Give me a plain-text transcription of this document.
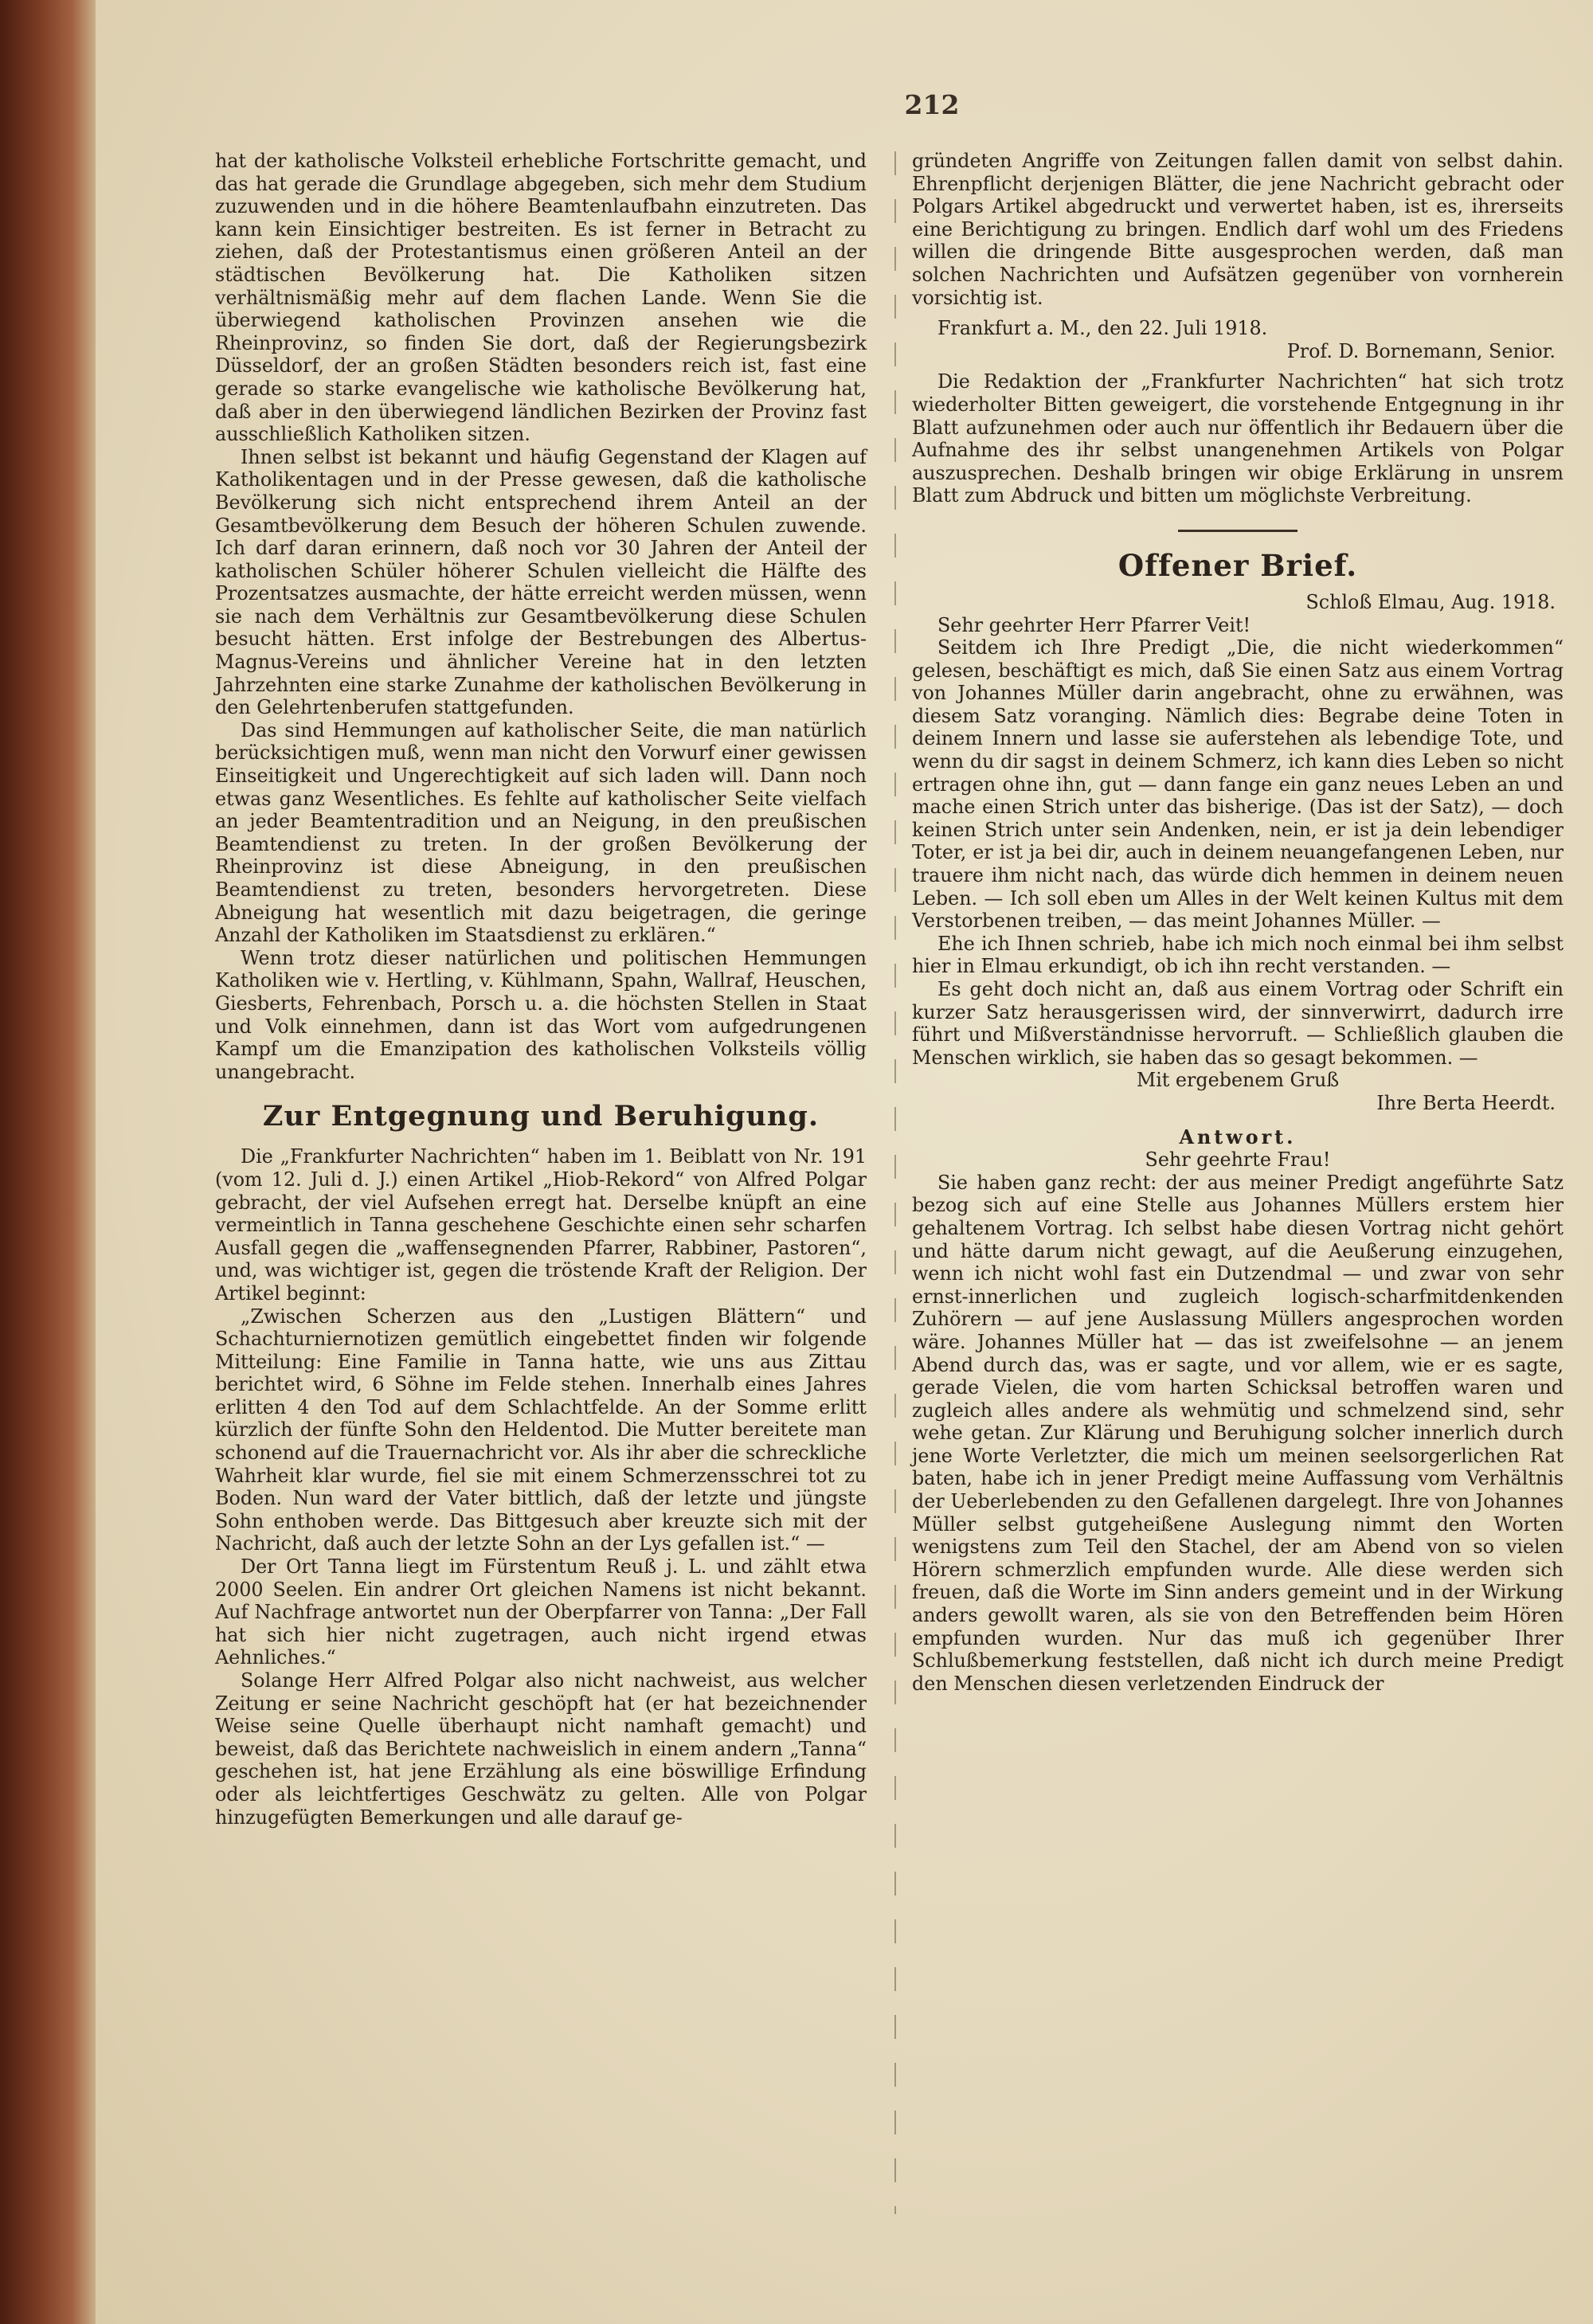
212

hat der katholische Volksteil erhebliche Fortschritte gemacht, und das hat gerade die Grundlage abgegeben, sich mehr dem Studium zuzuwenden und in die höhere Beamtenlaufbahn einzutreten. Das kann kein Einsichtiger bestreiten. Es ist ferner in Betracht zu ziehen, daß der Protestantismus einen größeren Anteil an der städtischen Bevölkerung hat. Die Katholiken sitzen verhältnismäßig mehr auf dem flachen Lande. Wenn Sie die überwiegend katholischen Provinzen ansehen wie die Rheinprovinz, so finden Sie dort, daß der Regierungsbezirk Düsseldorf, der an großen Städten besonders reich ist, fast eine gerade so starke evangelische wie katholische Bevölkerung hat, daß aber in den überwiegend ländlichen Bezirken der Provinz fast ausschließlich Katholiken sitzen.

Ihnen selbst ist bekannt und häufig Gegenstand der Klagen auf Katholikentagen und in der Presse gewesen, daß die katholische Bevölkerung sich nicht entsprechend ihrem Anteil an der Gesamtbevölkerung dem Besuch der höheren Schulen zuwende. Ich darf daran erinnern, daß noch vor 30 Jahren der Anteil der katholischen Schüler höherer Schulen vielleicht die Hälfte des Prozentsatzes ausmachte, der hätte erreicht werden müssen, wenn sie nach dem Verhältnis zur Gesamtbevölkerung diese Schulen besucht hätten. Erst infolge der Bestrebungen des Albertus-Magnus-Vereins und ähnlicher Vereine hat in den letzten Jahrzehnten eine starke Zunahme der katholischen Bevölkerung in den Gelehrtenberufen stattgefunden.

Das sind Hemmungen auf katholischer Seite, die man natürlich berücksichtigen muß, wenn man nicht den Vorwurf einer gewissen Einseitigkeit und Ungerechtigkeit auf sich laden will. Dann noch etwas ganz Wesentliches. Es fehlte auf katholischer Seite vielfach an jeder Beamtentradition und an Neigung, in den preußischen Beamtendienst zu treten. In der großen Bevölkerung der Rheinprovinz ist diese Abneigung, in den preußischen Beamtendienst zu treten, besonders hervorgetreten. Diese Abneigung hat wesentlich mit dazu beigetragen, die geringe Anzahl der Katholiken im Staatsdienst zu erklären.“

Wenn trotz dieser natürlichen und politischen Hemmungen Katholiken wie v. Hertling, v. Kühlmann, Spahn, Wallraf, Heuschen, Giesberts, Fehrenbach, Porsch u. a. die höchsten Stellen in Staat und Volk einnehmen, dann ist das Wort vom aufgedrungenen Kampf um die Emanzipation des katholischen Volksteils völlig unangebracht.

Zur Entgegnung und Beruhigung.

Die „Frankfurter Nachrichten“ haben im 1. Beiblatt von Nr. 191 (vom 12. Juli d. J.) einen Artikel „Hiob-Rekord“ von Alfred Polgar gebracht, der viel Aufsehen erregt hat. Derselbe knüpft an eine vermeintlich in Tanna geschehene Geschichte einen sehr scharfen Ausfall gegen die „waffensegnenden Pfarrer, Rabbiner, Pastoren“, und, was wichtiger ist, gegen die tröstende Kraft der Religion. Der Artikel beginnt:

„Zwischen Scherzen aus den „Lustigen Blättern“ und Schachturniernotizen gemütlich eingebettet finden wir folgende Mitteilung: Eine Familie in Tanna hatte, wie uns aus Zittau berichtet wird, 6 Söhne im Felde stehen. Innerhalb eines Jahres erlitten 4 den Tod auf dem Schlachtfelde. An der Somme erlitt kürzlich der fünfte Sohn den Heldentod. Die Mutter bereitete man schonend auf die Trauernachricht vor. Als ihr aber die schreckliche Wahrheit klar wurde, fiel sie mit einem Schmerzensschrei tot zu Boden. Nun ward der Vater bittlich, daß der letzte und jüngste Sohn enthoben werde. Das Bittgesuch aber kreuzte sich mit der Nachricht, daß auch der letzte Sohn an der Lys gefallen ist.“ —

Der Ort Tanna liegt im Fürstentum Reuß j. L. und zählt etwa 2000 Seelen. Ein andrer Ort gleichen Namens ist nicht bekannt. Auf Nachfrage antwortet nun der Oberpfarrer von Tanna: „Der Fall hat sich hier nicht zugetragen, auch nicht irgend etwas Aehnliches.“

Solange Herr Alfred Polgar also nicht nachweist, aus welcher Zeitung er seine Nachricht geschöpft hat (er hat bezeichnender Weise seine Quelle überhaupt nicht namhaft gemacht) und beweist, daß das Berichtete nachweislich in einem andern „Tanna“ geschehen ist, hat jene Erzählung als eine böswillige Erfindung oder als leichtfertiges Geschwätz zu gelten. Alle von Polgar hinzugefügten Bemerkungen und alle darauf ge-

gründeten Angriffe von Zeitungen fallen damit von selbst dahin. Ehrenpflicht derjenigen Blätter, die jene Nachricht gebracht oder Polgars Artikel abgedruckt und verwertet haben, ist es, ihrerseits eine Berichtigung zu bringen. Endlich darf wohl um des Friedens willen die dringende Bitte ausgesprochen werden, daß man solchen Nachrichten und Aufsätzen gegenüber von vornherein vorsichtig ist.

Frankfurt a. M., den 22. Juli 1918.

Prof. D. Bornemann, Senior.

Die Redaktion der „Frankfurter Nachrichten“ hat sich trotz wiederholter Bitten geweigert, die vorstehende Entgegnung in ihr Blatt aufzunehmen oder auch nur öffentlich ihr Bedauern über die Aufnahme des ihr selbst unangenehmen Artikels von Polgar auszusprechen. Deshalb bringen wir obige Erklärung in unsrem Blatt zum Abdruck und bitten um möglichste Verbreitung.

Offener Brief.

Schloß Elmau, Aug. 1918.

Sehr geehrter Herr Pfarrer Veit!

Seitdem ich Ihre Predigt „Die, die nicht wiederkommen“ gelesen, beschäftigt es mich, daß Sie einen Satz aus einem Vortrag von Johannes Müller darin angebracht, ohne zu erwähnen, was diesem Satz voranging. Nämlich dies: Begrabe deine Toten in deinem Innern und lasse sie auferstehen als lebendige Tote, und wenn du dir sagst in deinem Schmerz, ich kann dies Leben so nicht ertragen ohne ihn, gut — dann fange ein ganz neues Leben an und mache einen Strich unter das bisherige. (Das ist der Satz), — doch keinen Strich unter sein Andenken, nein, er ist ja dein lebendiger Toter, er ist ja bei dir, auch in deinem neuangefangenen Leben, nur trauere ihm nicht nach, das würde dich hemmen in deinem neuen Leben. — Ich soll eben um Alles in der Welt keinen Kultus mit dem Verstorbenen treiben, — das meint Johannes Müller. —

Ehe ich Ihnen schrieb, habe ich mich noch einmal bei ihm selbst hier in Elmau erkundigt, ob ich ihn recht verstanden. —

Es geht doch nicht an, daß aus einem Vortrag oder Schrift ein kurzer Satz herausgerissen wird, der sinnverwirrt, dadurch irre führt und Mißverständnisse hervorruft. — Schließlich glauben die Menschen wirklich, sie haben das so gesagt bekommen. —

Mit ergebenem Gruß

Ihre Berta Heerdt.

Antwort.

Sehr geehrte Frau!

Sie haben ganz recht: der aus meiner Predigt angeführte Satz bezog sich auf eine Stelle aus Johannes Müllers erstem hier gehaltenem Vortrag. Ich selbst habe diesen Vortrag nicht gehört und hätte darum nicht gewagt, auf die Aeußerung einzugehen, wenn ich nicht wohl fast ein Dutzendmal — und zwar von sehr ernst-innerlichen und zugleich logisch-scharfmitdenkenden Zuhörern — auf jene Auslassung Müllers angesprochen worden wäre. Johannes Müller hat — das ist zweifelsohne — an jenem Abend durch das, was er sagte, und vor allem, wie er es sagte, gerade Vielen, die vom harten Schicksal betroffen waren und zugleich alles andere als wehmütig und schmelzend sind, sehr wehe getan. Zur Klärung und Beruhigung solcher innerlich durch jene Worte Verletzter, die mich um meinen seelsorgerlichen Rat baten, habe ich in jener Predigt meine Auffassung vom Verhältnis der Ueberlebenden zu den Gefallenen dargelegt. Ihre von Johannes Müller selbst gutgeheißene Auslegung nimmt den Worten wenigstens zum Teil den Stachel, der am Abend von so vielen Hörern schmerzlich empfunden wurde. Alle diese werden sich freuen, daß die Worte im Sinn anders gemeint und in der Wirkung anders gewollt waren, als sie von den Betreffenden beim Hören empfunden wurden. Nur das muß ich gegenüber Ihrer Schlußbemerkung feststellen, daß nicht ich durch meine Predigt den Menschen diesen verletzenden Eindruck der
